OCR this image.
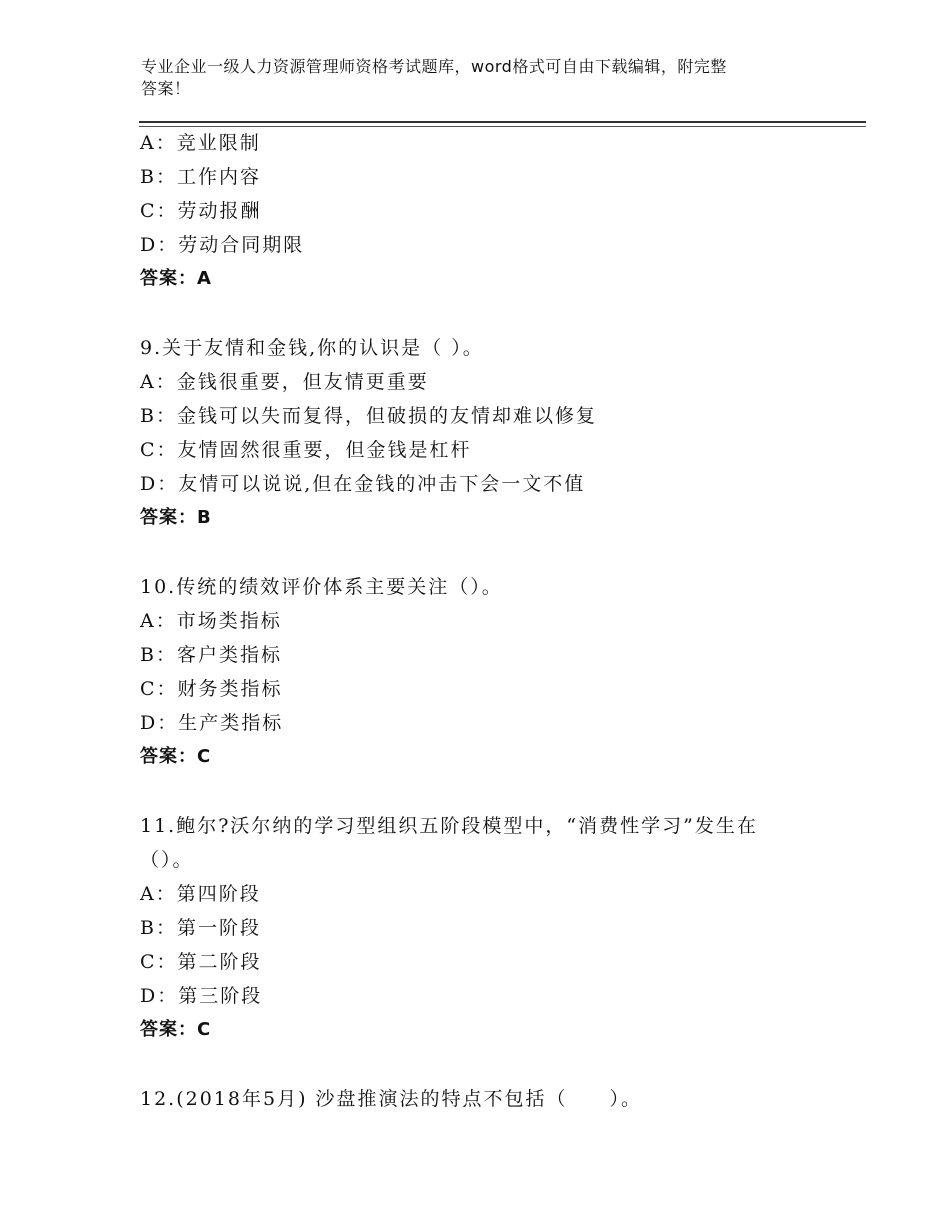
专业企业一级人力资源管理师资格考试题库，word格式可自由下载编辑，附完整
答案！
A：竞业限制
B：工作内容
C：劳动报酬
D：劳动合同期限
答案：A
9.关于友情和金钱,你的认识是（ ）。
A：金钱很重要，但友情更重要
B：金钱可以失而复得，但破损的友情却难以修复
C：友情固然很重要，但金钱是杠杆
D：友情可以说说,但在金钱的冲击下会一文不值
答案：B
10.传统的绩效评价体系主要关注（）。
A：市场类指标
B：客户类指标
C：财务类指标
D：生产类指标
答案：C
11.鲍尔?沃尔纳的学习型组织五阶段模型中，“消费性学习”发生在
（）。
A：第四阶段
B：第一阶段
C：第二阶段
D：第三阶段
答案：C
12.(2018年5月) 沙盘推演法的特点不包括（　　）。
